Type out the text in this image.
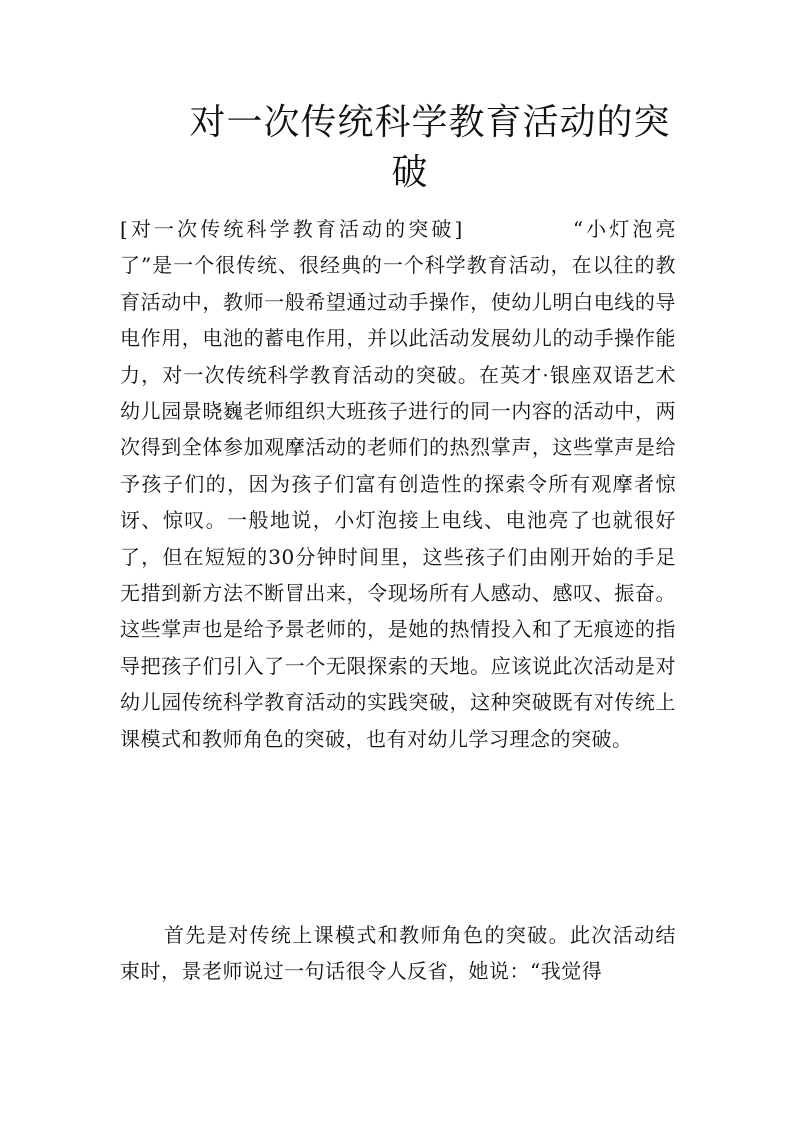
对一次传统科学教育活动的突
破

[对一次传统科学教育活动的突破]	“小灯泡亮了”是一个很传统、很经典的一个科学教育活动，在以往的教育活动中，教师一般希望通过动手操作，使幼儿明白电线的导电作用，电池的蓄电作用，并以此活动发展幼儿的动手操作能力，对一次传统科学教育活动的突破。在英才·银座双语艺术幼儿园景晓巍老师组织大班孩子进行的同一内容的活动中，两次得到全体参加观摩活动的老师们的热烈掌声，这些掌声是给予孩子们的，因为孩子们富有创造性的探索令所有观摩者惊讶、惊叹。一般地说，小灯泡接上电线、电池亮了也就很好了，但在短短的30分钟时间里，这些孩子们由刚开始的手足无措到新方法不断冒出来，令现场所有人感动、感叹、振奋。这些掌声也是给予景老师的，是她的热情投入和了无痕迹的指导把孩子们引入了一个无限探索的天地。应该说此次活动是对幼儿园传统科学教育活动的实践突破，这种突破既有对传统上课模式和教师角色的突破，也有对幼儿学习理念的突破。

首先是对传统上课模式和教师角色的突破。此次活动结束时，景老师说过一句话很令人反省，她说：“我觉得
